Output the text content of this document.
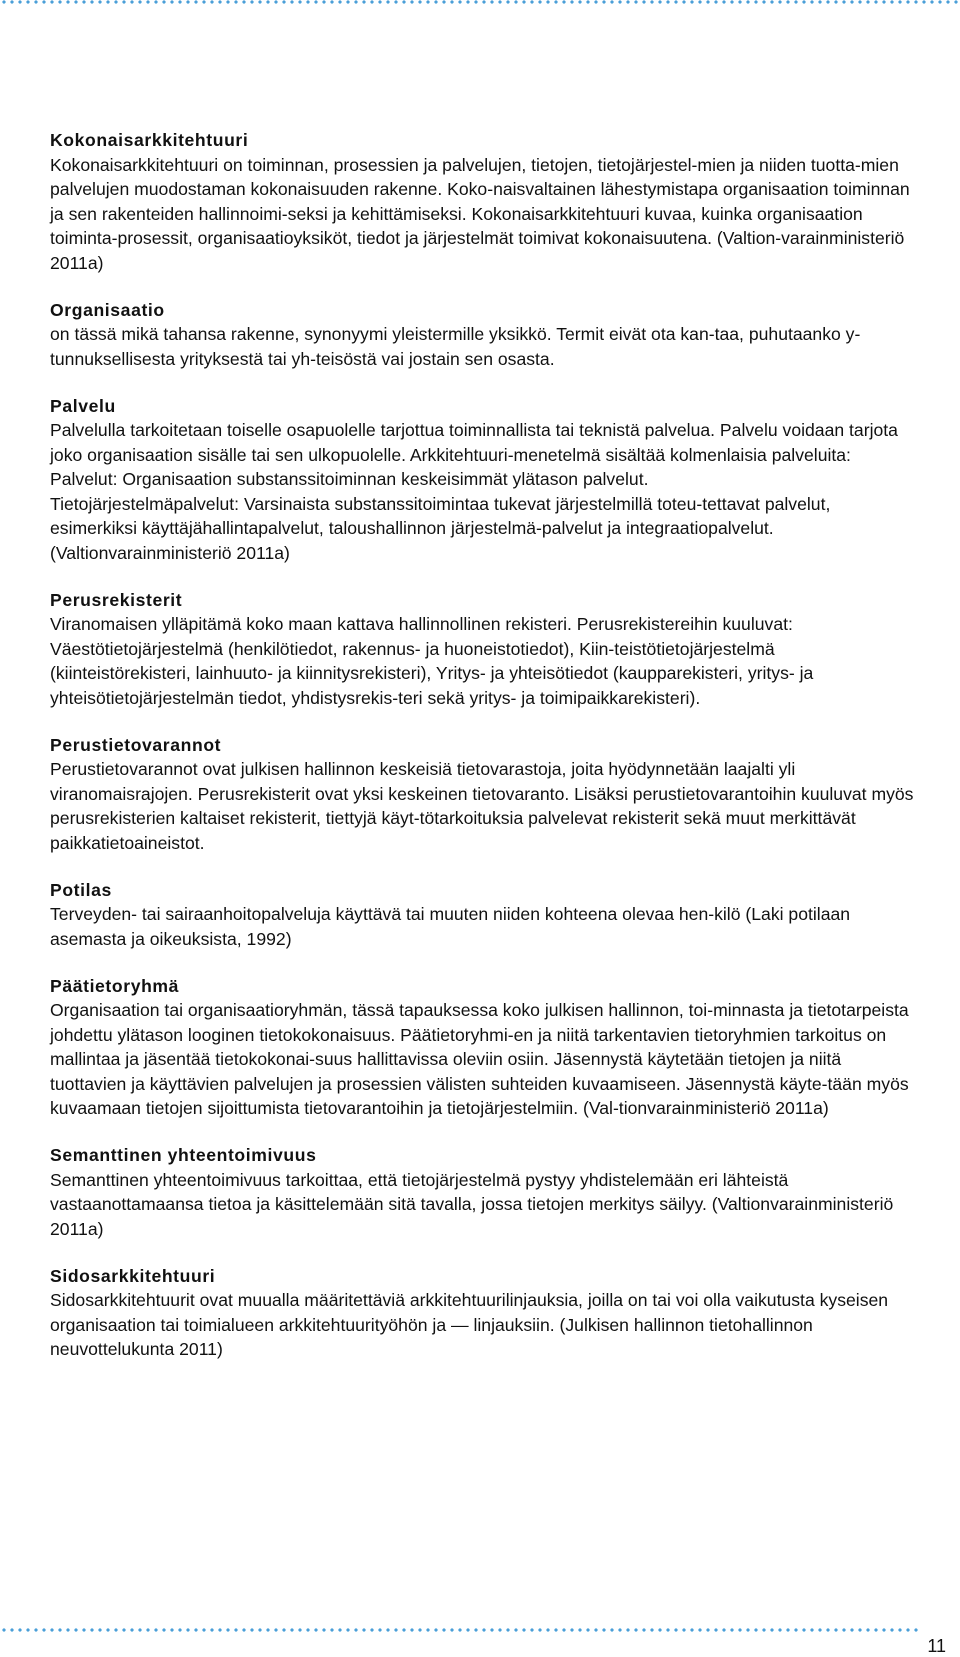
Kokonaisarkkitehtuuri
Kokonaisarkkitehtuuri on toiminnan, prosessien ja palvelujen, tietojen, tietojärjestel-mien ja niiden tuotta-mien palvelujen muodostaman kokonaisuuden rakenne. Koko-naisvaltainen lähestymistapa organisaation toiminnan ja sen rakenteiden hallinnoimi-seksi ja kehittämiseksi. Kokonaisarkkitehtuuri kuvaa, kuinka organisaation toiminta-prosessit, organisaatioyksiköt, tiedot ja järjestelmät toimivat kokonaisuutena. (Valtion-varainministeriö 2011a)
Organisaatio
on tässä mikä tahansa rakenne, synonyymi yleistermille yksikkö. Termit eivät ota kan-taa, puhutaanko y-tunnuksellisesta yrityksestä tai yh-teisöstä vai jostain sen osasta.
Palvelu
Palvelulla tarkoitetaan toiselle osapuolelle tarjottua toiminnallista tai teknistä palvelua. Palvelu voidaan tarjota joko organisaation sisälle tai sen ulkopuolelle. Arkkitehtuuri-menetelmä sisältää kolmenlaisia palveluita:
Palvelut: Organisaation substanssitoiminnan keskeisimmät ylätason palvelut.
Tietojärjestelmäpalvelut: Varsinaista substanssitoimintaa tukevat järjestelmillä toteu-tettavat palvelut, esimerkiksi käyttäjähallintapalvelut, taloushallinnon järjestelmä-palvelut ja integraatiopalvelut. (Valtionvarainministeriö 2011a)
Perusrekisterit
Viranomaisen ylläpitämä koko maan kattava hallinnollinen rekisteri. Perusrekistereihin kuuluvat: Väestötietojärjestelmä (henkilötiedot, rakennus- ja huoneistotiedot), Kiin-teistötietojärjestelmä (kiinteistörekisteri, lainhuuto- ja kiinnitysrekisteri), Yritys- ja yhteisötiedot (kaupparekisteri, yritys- ja yhteisötietojärjestelmän tiedot, yhdistysrekis-teri sekä yritys- ja toimipaikkarekisteri).
Perustietovarannot
Perustietovarannot ovat julkisen hallinnon keskeisiä tietovarastoja, joita hyödynnetään laajalti yli viranomaisrajojen. Perusrekisterit ovat yksi keskeinen tietovaranto. Lisäksi perustietovarantoihin kuuluvat myös perusrekisterien kaltaiset rekisterit, tiettyjä käyt-tötarkoituksia palvelevat rekisterit sekä muut merkittävät paikkatietoaineistot.
Potilas
Terveyden- tai sairaanhoitopalveluja käyttävä tai muuten niiden kohteena olevaa hen-kilö (Laki potilaan asemasta ja oikeuksista, 1992)
Päätietoryhmä
Organisaation tai organisaatioryhmän, tässä tapauksessa koko julkisen hallinnon, toi-minnasta ja tietotarpeista johdettu ylätason looginen tietokokonaisuus. Päätietoryhmi-en ja niitä tarkentavien tietoryhmien tarkoitus on mallintaa ja jäsentää tietokokonai-suus hallittavissa oleviin osiin. Jäsennystä käytetään tietojen ja niitä tuottavien ja käyttävien palvelujen ja prosessien välisten suhteiden kuvaamiseen. Jäsennystä käyte-tään myös kuvaamaan tietojen sijoittumista tietovarantoihin ja tietojärjestelmiin. (Val-tionvarainministeriö 2011a)
Semanttinen yhteentoimivuus
Semanttinen yhteentoimivuus tarkoittaa, että tietojärjestelmä pystyy yhdistelemään eri lähteistä vastaanottamaansa tietoa ja käsittelemään sitä tavalla, jossa tietojen merkitys säilyy. (Valtionvarainministeriö 2011a)
Sidosarkkitehtuuri
Sidosarkkitehtuurit ovat muualla määritettäviä arkkitehtuurilinjauksia, joilla on tai voi olla vaikutusta kyseisen organisaation tai toimialueen arkkitehtuurityöhön ja — linjauksiin. (Julkisen hallinnon tietohallinnon neuvottelukunta 2011)
11
